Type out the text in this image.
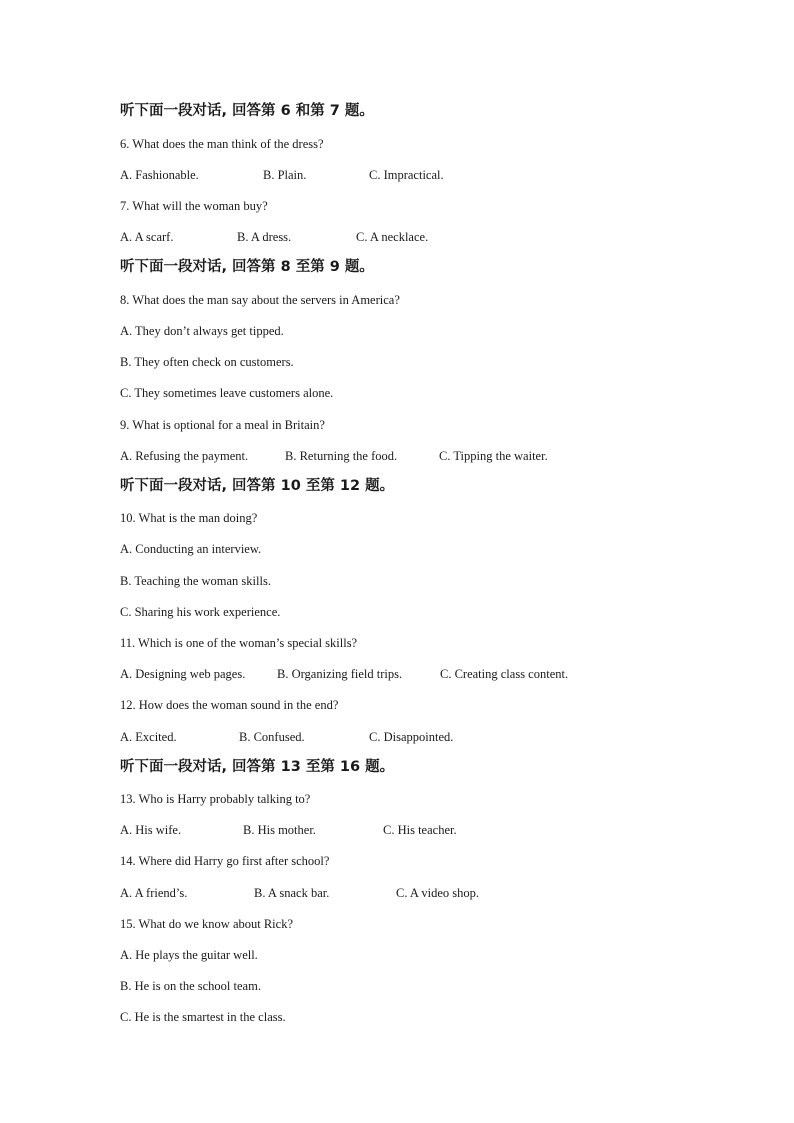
听下面一段对话, 回答第 6 和第 7 题。
6. What does the man think of the dress?
A. Fashionable.	B. Plain.	C. Impractical.
7. What will the woman buy?
A. A scarf.	B. A dress.	C. A necklace.
听下面一段对话, 回答第 8 至第 9 题。
8. What does the man say about the servers in America?
A. They don’t always get tipped.
B. They often check on customers.
C. They sometimes leave customers alone.
9. What is optional for a meal in Britain?
A. Refusing the payment.	B. Returning the food.	C. Tipping the waiter.
听下面一段对话, 回答第 10 至第 12 题。
10. What is the man doing?
A. Conducting an interview.
B. Teaching the woman skills.
C. Sharing his work experience.
11. Which is one of the woman’s special skills?
A. Designing web pages.	B. Organizing field trips.	C. Creating class content.
12. How does the woman sound in the end?
A. Excited.	B. Confused.	C. Disappointed.
听下面一段对话, 回答第 13 至第 16 题。
13. Who is Harry probably talking to?
A. His wife.	B. His mother.	C. His teacher.
14. Where did Harry go first after school?
A. A friend’s.	B. A snack bar.	C. A video shop.
15. What do we know about Rick?
A. He plays the guitar well.
B. He is on the school team.
C. He is the smartest in the class.
